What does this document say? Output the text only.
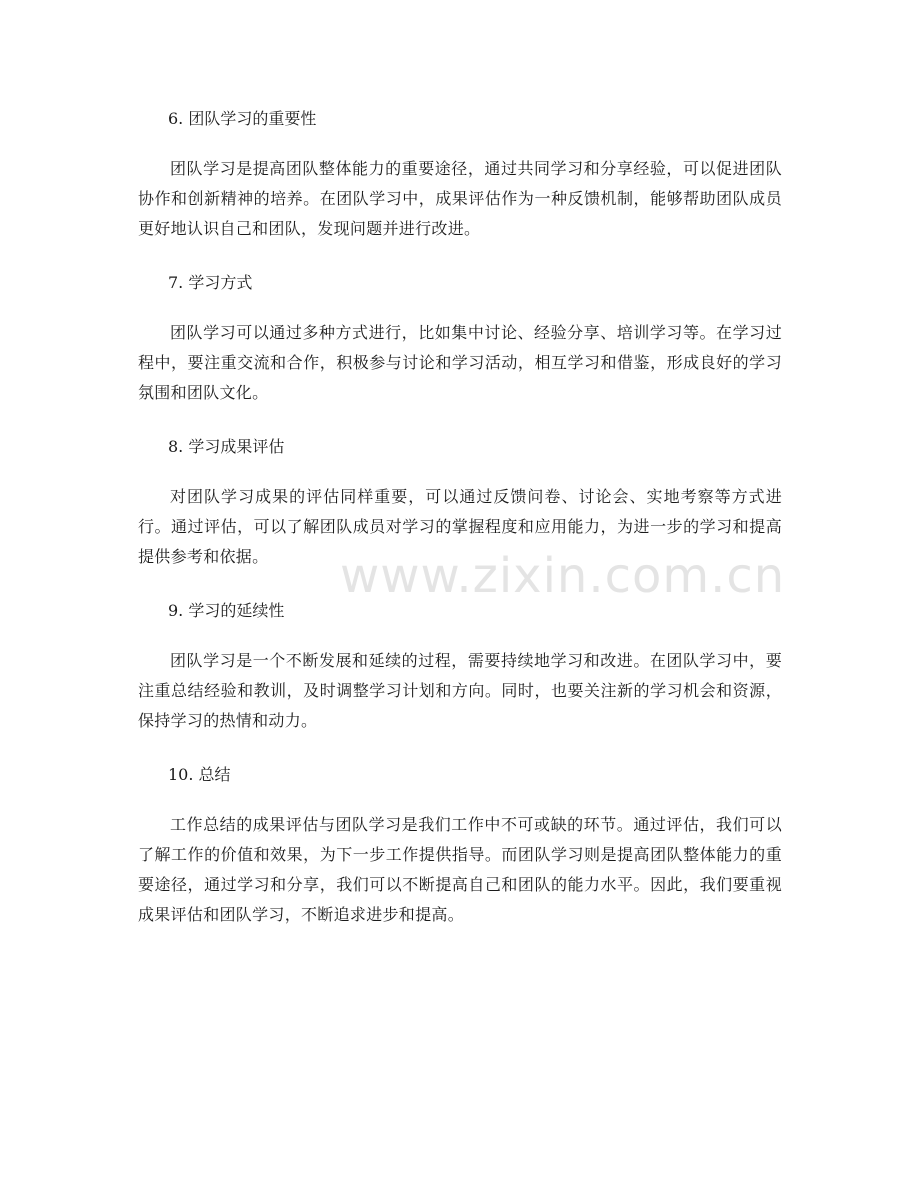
6. 团队学习的重要性

团队学习是提高团队整体能力的重要途径，通过共同学习和分享经验，可以促进团队协作和创新精神的培养。在团队学习中，成果评估作为一种反馈机制，能够帮助团队成员更好地认识自己和团队，发现问题并进行改进。

7. 学习方式

团队学习可以通过多种方式进行，比如集中讨论、经验分享、培训学习等。在学习过程中，要注重交流和合作，积极参与讨论和学习活动，相互学习和借鉴，形成良好的学习氛围和团队文化。

8. 学习成果评估

对团队学习成果的评估同样重要，可以通过反馈问卷、讨论会、实地考察等方式进行。通过评估，可以了解团队成员对学习的掌握程度和应用能力，为进一步的学习和提高提供参考和依据。

9. 学习的延续性

团队学习是一个不断发展和延续的过程，需要持续地学习和改进。在团队学习中，要注重总结经验和教训，及时调整学习计划和方向。同时，也要关注新的学习机会和资源，保持学习的热情和动力。

10. 总结

工作总结的成果评估与团队学习是我们工作中不可或缺的环节。通过评估，我们可以了解工作的价值和效果，为下一步工作提供指导。而团队学习则是提高团队整体能力的重要途径，通过学习和分享，我们可以不断提高自己和团队的能力水平。因此，我们要重视成果评估和团队学习，不断追求进步和提高。

www.zixin.com.cn
